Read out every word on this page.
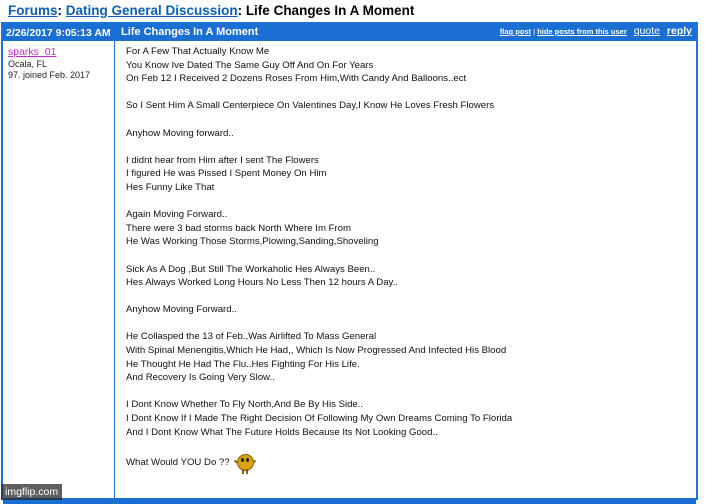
Forums: Dating General Discussion: Life Changes In A Moment
2/26/2017 9:05:13 AM Life Changes In A Moment	flag post | hide posts from this user quote reply
sparks_01
Ocala, FL
97. joined Feb. 2017
For A Few That Actually Know Me
You Know Ive Dated The Same Guy Off And On For Years
On Feb 12 I Received 2 Dozens Roses From Him,With Candy And Balloons..ect
So I Sent Him A Small Centerpiece On Valentines Day,I Know He Loves Fresh Flowers
Anyhow Moving forward..
I didnt hear from Him after I sent The Flowers
I figured He was Pissed I Spent Money On Him
Hes Funny Like That
Again Moving Forward..
There were 3 bad storms back North Where Im From
He Was Working Those Storms,Plowing,Sanding,Shoveling
Sick As A Dog ,But Still The Workaholic Hes Always Been..
Hes Always Worked Long Hours No Less Then 12 hours A Day..
Anyhow Moving Forward..
He Collasped the 13 of Feb.,Was Airlifted To Mass General
With Spinal Menengitis,Which He Had,, Which Is Now Progressed And Infected His Blood
He Thought He Had The Flu..Hes Fighting For His Life.
And Recovery Is Going Very Slow..
I Dont Know Whether To Fly North,And Be By His Side..
I Dont Know If I Made The Right Decision Of Following My Own Dreams Coming To Florida
And I Dont Know What The Future Holds Because Its Not Looking Good..
What Would YOU Do ??
imgflip.com
